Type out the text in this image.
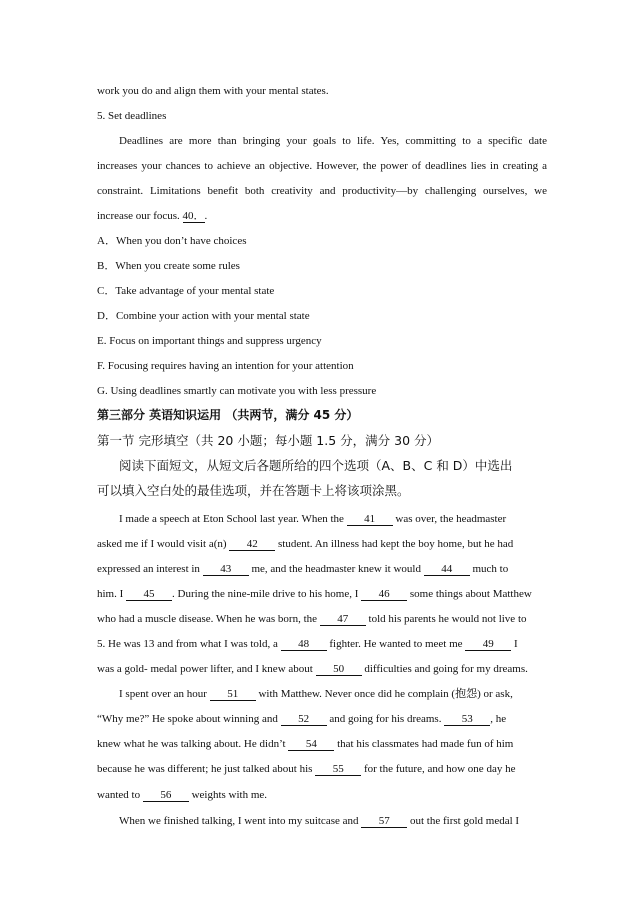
work you do and align them with your mental states.
5. Set deadlines
Deadlines are more than bringing your goals to life. Yes, committing to a specific date
increases your chances to achieve an objective. However, the power of deadlines lies in creating a
constraint. Limitations benefit both creativity and productivity—by challenging ourselves, we
increase our focus. 40．.
A．When you don’t have choices
B．When you create some rules
C．Take advantage of your mental state
D．Combine your action with your mental state
E. Focus on important things and suppress urgency
F. Focusing requires having an intention for your attention
G. Using deadlines smartly can motivate you with less pressure
第三部分 英语知识运用 （共两节，满分 45 分）
第一节 完形填空（共 20 小题；每小题 1.5 分，满分 30 分）
阅读下面短文，从短文后各题所给的四个选项（A、B、C 和 D）中选出
可以填入空白处的最佳选项，并在答题卡上将该项涂黑。
I made a speech at Eton School last year. When the 41 was over, the headmaster
asked me if I would visit a(n) 42 student. An illness had kept the boy home, but he had
expressed an interest in 43 me, and the headmaster knew it would 44 much to
him. I 45 . During the nine-mile drive to his home, I 46 some things about Matthew
who had a muscle disease. When he was born, the 47 told his parents he would not live to
5. He was 13 and from what I was told, a 48 fighter. He wanted to meet me 49 I
was a gold- medal power lifter, and I knew about 50 difficulties and going for my dreams.
I spent over an hour 51 with Matthew. Never once did he complain (抱怨) or ask,
“Why me?” He spoke about winning and 52 and going for his dreams. 53 , he
knew what he was talking about. He didn’t 54 that his classmates had made fun of him
because he was different; he just talked about his 55 for the future, and how one day he
wanted to 56 weights with me.
When we finished talking, I went into my suitcase and 57 out the first gold medal I
